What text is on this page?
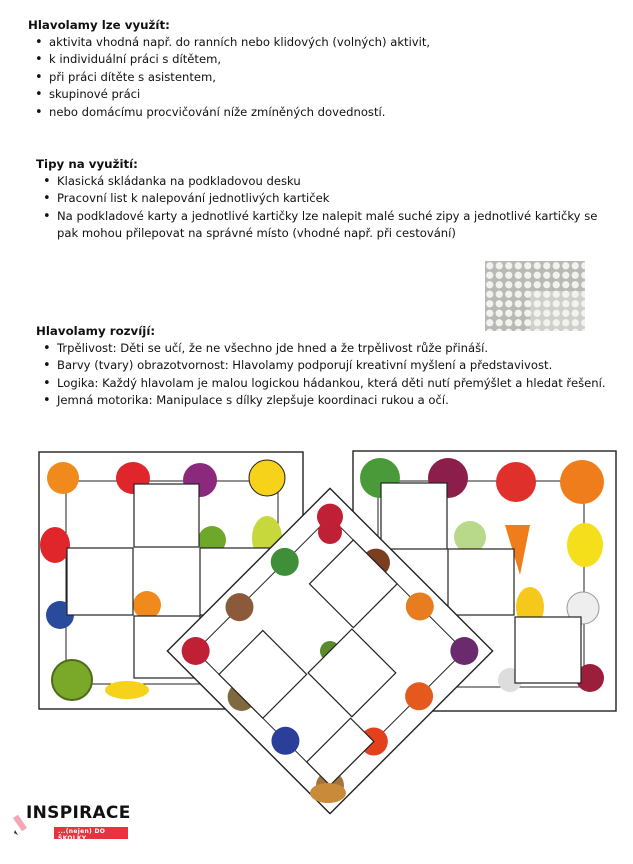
Hlavolamy lze využít:
• aktivita vhodná např. do ranních nebo klidových (volných) aktivit,
• k individuální práci s dítětem,
• při práci dítěte s asistentem,
• skupinové práci
• nebo domácímu procvičování níže zmíněných dovedností.
Tipy na využití:
• Klasická skládanka na podkladovou desku
• Pracovní list k nalepování jednotlivých kartiček
• Na podkladové karty a jednotlivé kartičky lze nalepit malé suché zipy a jednotlivé kartičky se pak mohou přilepovat na správné místo (vhodné např. při cestování)
Hlavolamy rozvíjí:
• Trpělivost: Děti se učí, že ne všechno jde hned a že trpělivost růže přináší.
• Barvy (tvary) obrazotvornost: Hlavolamy podporují kreativní myšlení a představivost.
• Logika: Každý hlavolam je malou logickou hádankou, která děti nutí přemýšlet a hledat řešení.
• Jemná motorika: Manipulace s dílky zlepšuje koordinaci rukou a očí.
INSPIRACE
...(nejen) DO ŠKOLKY
